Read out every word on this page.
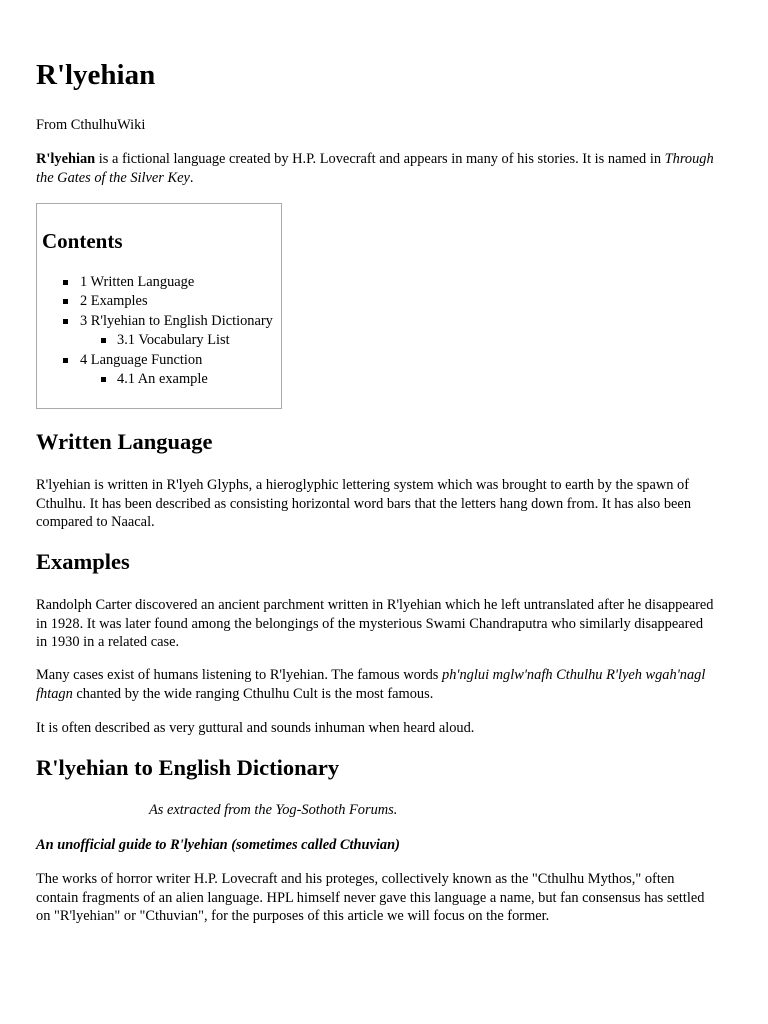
R'lyehian

From CthulhuWiki

R'lyehian is a fictional language created by H.P. Lovecraft and appears in many of his stories. It is named in Through
the Gates of the Silver Key.
Contents
1 Written Language
2 Examples
3 R'lyehian to English Dictionary
3.1 Vocabulary List
4 Language Function
4.1 An example
Written Language
R'lyehian is written in R'lyeh Glyphs, a hieroglyphic lettering system which was brought to earth by the spawn of
Cthulhu. It has been described as consisting horizontal word bars that the letters hang down from. It has also been
compared to Naacal.
Examples
Randolph Carter discovered an ancient parchment written in R'lyehian which he left untranslated after he disappeared
in 1928. It was later found among the belongings of the mysterious Swami Chandraputra who similarly disappeared
in 1930 in a related case.
Many cases exist of humans listening to R'lyehian. The famous words ph'nglui mglw'nafh Cthulhu R'lyeh wgah'nagl
fhtagn chanted by the wide ranging Cthulhu Cult is the most famous.

It is often described as very guttural and sounds inhuman when heard aloud.

R'lyehian to English Dictionary

As extracted from the Yog-Sothoth Forums.

An unofficial guide to R'lyehian (sometimes called Cthuvian)

The works of horror writer H.P. Lovecraft and his proteges, collectively known as the "Cthulhu Mythos," often
contain fragments of an alien language. HPL himself never gave this language a name, but fan consensus has settled
on "R'lyehian" or "Cthuvian", for the purposes of this article we will focus on the former.
